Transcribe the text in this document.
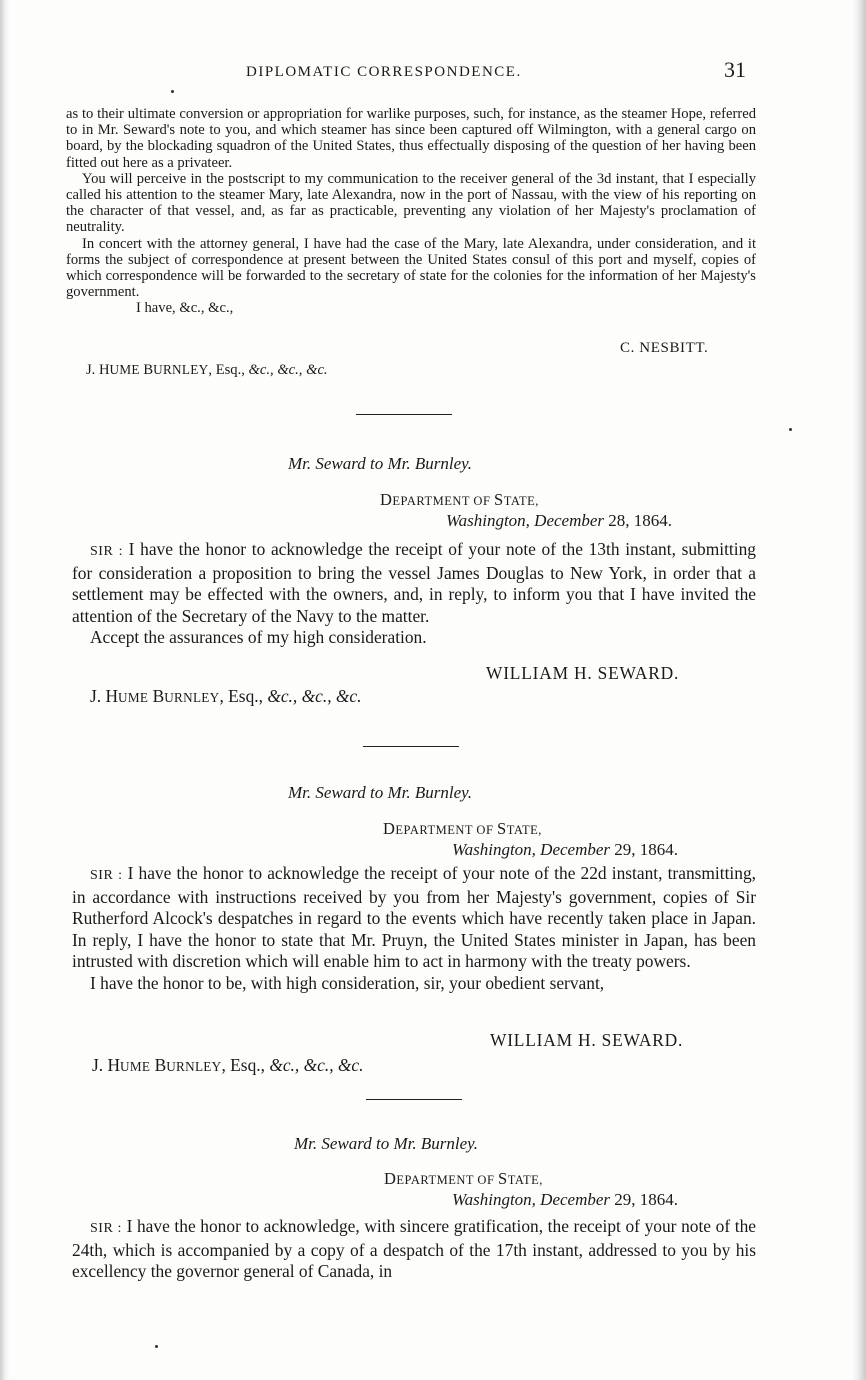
DIPLOMATIC CORRESPONDENCE.	31

as to their ultimate conversion or appropriation for warlike purposes, such, for instance, as the steamer Hope, referred to in Mr. Seward's note to you, and which steamer has since been captured off Wilmington, with a general cargo on board, by the blockading squadron of the United States, thus effectually disposing of the question of her having been fitted out here as a privateer.

You will perceive in the postscript to my communication to the receiver general of the 3d instant, that I especially called his attention to the steamer Mary, late Alexandra, now in the port of Nassau, with the view of his reporting on the character of that vessel, and, as far as practicable, preventing any violation of her Majesty's proclamation of neutrality.

In concert with the attorney general, I have had the case of the Mary, late Alexandra, under consideration, and it forms the subject of correspondence at present between the United States consul of this port and myself, copies of which correspondence will be forwarded to the secretary of state for the colonies for the information of her Majesty's government.

I have, &c., &c.,

C. NESBITT.
J. HUME BURNLEY, Esq., &c., &c., &c.
Mr. Seward to Mr. Burnley.
DEPARTMENT OF STATE,
Washington, December 28, 1864.

SIR : I have the honor to acknowledge the receipt of your note of the 13th instant, submitting for consideration a proposition to bring the vessel James Douglas to New York, in order that a settlement may be effected with the owners, and, in reply, to inform you that I have invited the attention of the Secretary of the Navy to the matter.

Accept the assurances of my high consideration.

WILLIAM H. SEWARD.
J. HUME BURNLEY, Esq., &c., &c., &c.
Mr. Seward to Mr. Burnley.
DEPARTMENT OF STATE,
Washington, December 29, 1864.

SIR : I have the honor to acknowledge the receipt of your note of the 22d instant, transmitting, in accordance with instructions received by you from her Majesty's government, copies of Sir Rutherford Alcock's despatches in regard to the events which have recently taken place in Japan. In reply, I have the honor to state that Mr. Pruyn, the United States minister in Japan, has been intrusted with discretion which will enable him to act in harmony with the treaty powers.

I have the honor to be, with high consideration, sir, your obedient servant,

WILLIAM H. SEWARD.
J. HUME BURNLEY, Esq., &c., &c., &c.
Mr. Seward to Mr. Burnley.
DEPARTMENT OF STATE,
Washington, December 29, 1864.

SIR : I have the honor to acknowledge, with sincere gratification, the receipt of your note of the 24th, which is accompanied by a copy of a despatch of the 17th instant, addressed to you by his excellency the governor general of Canada, in
